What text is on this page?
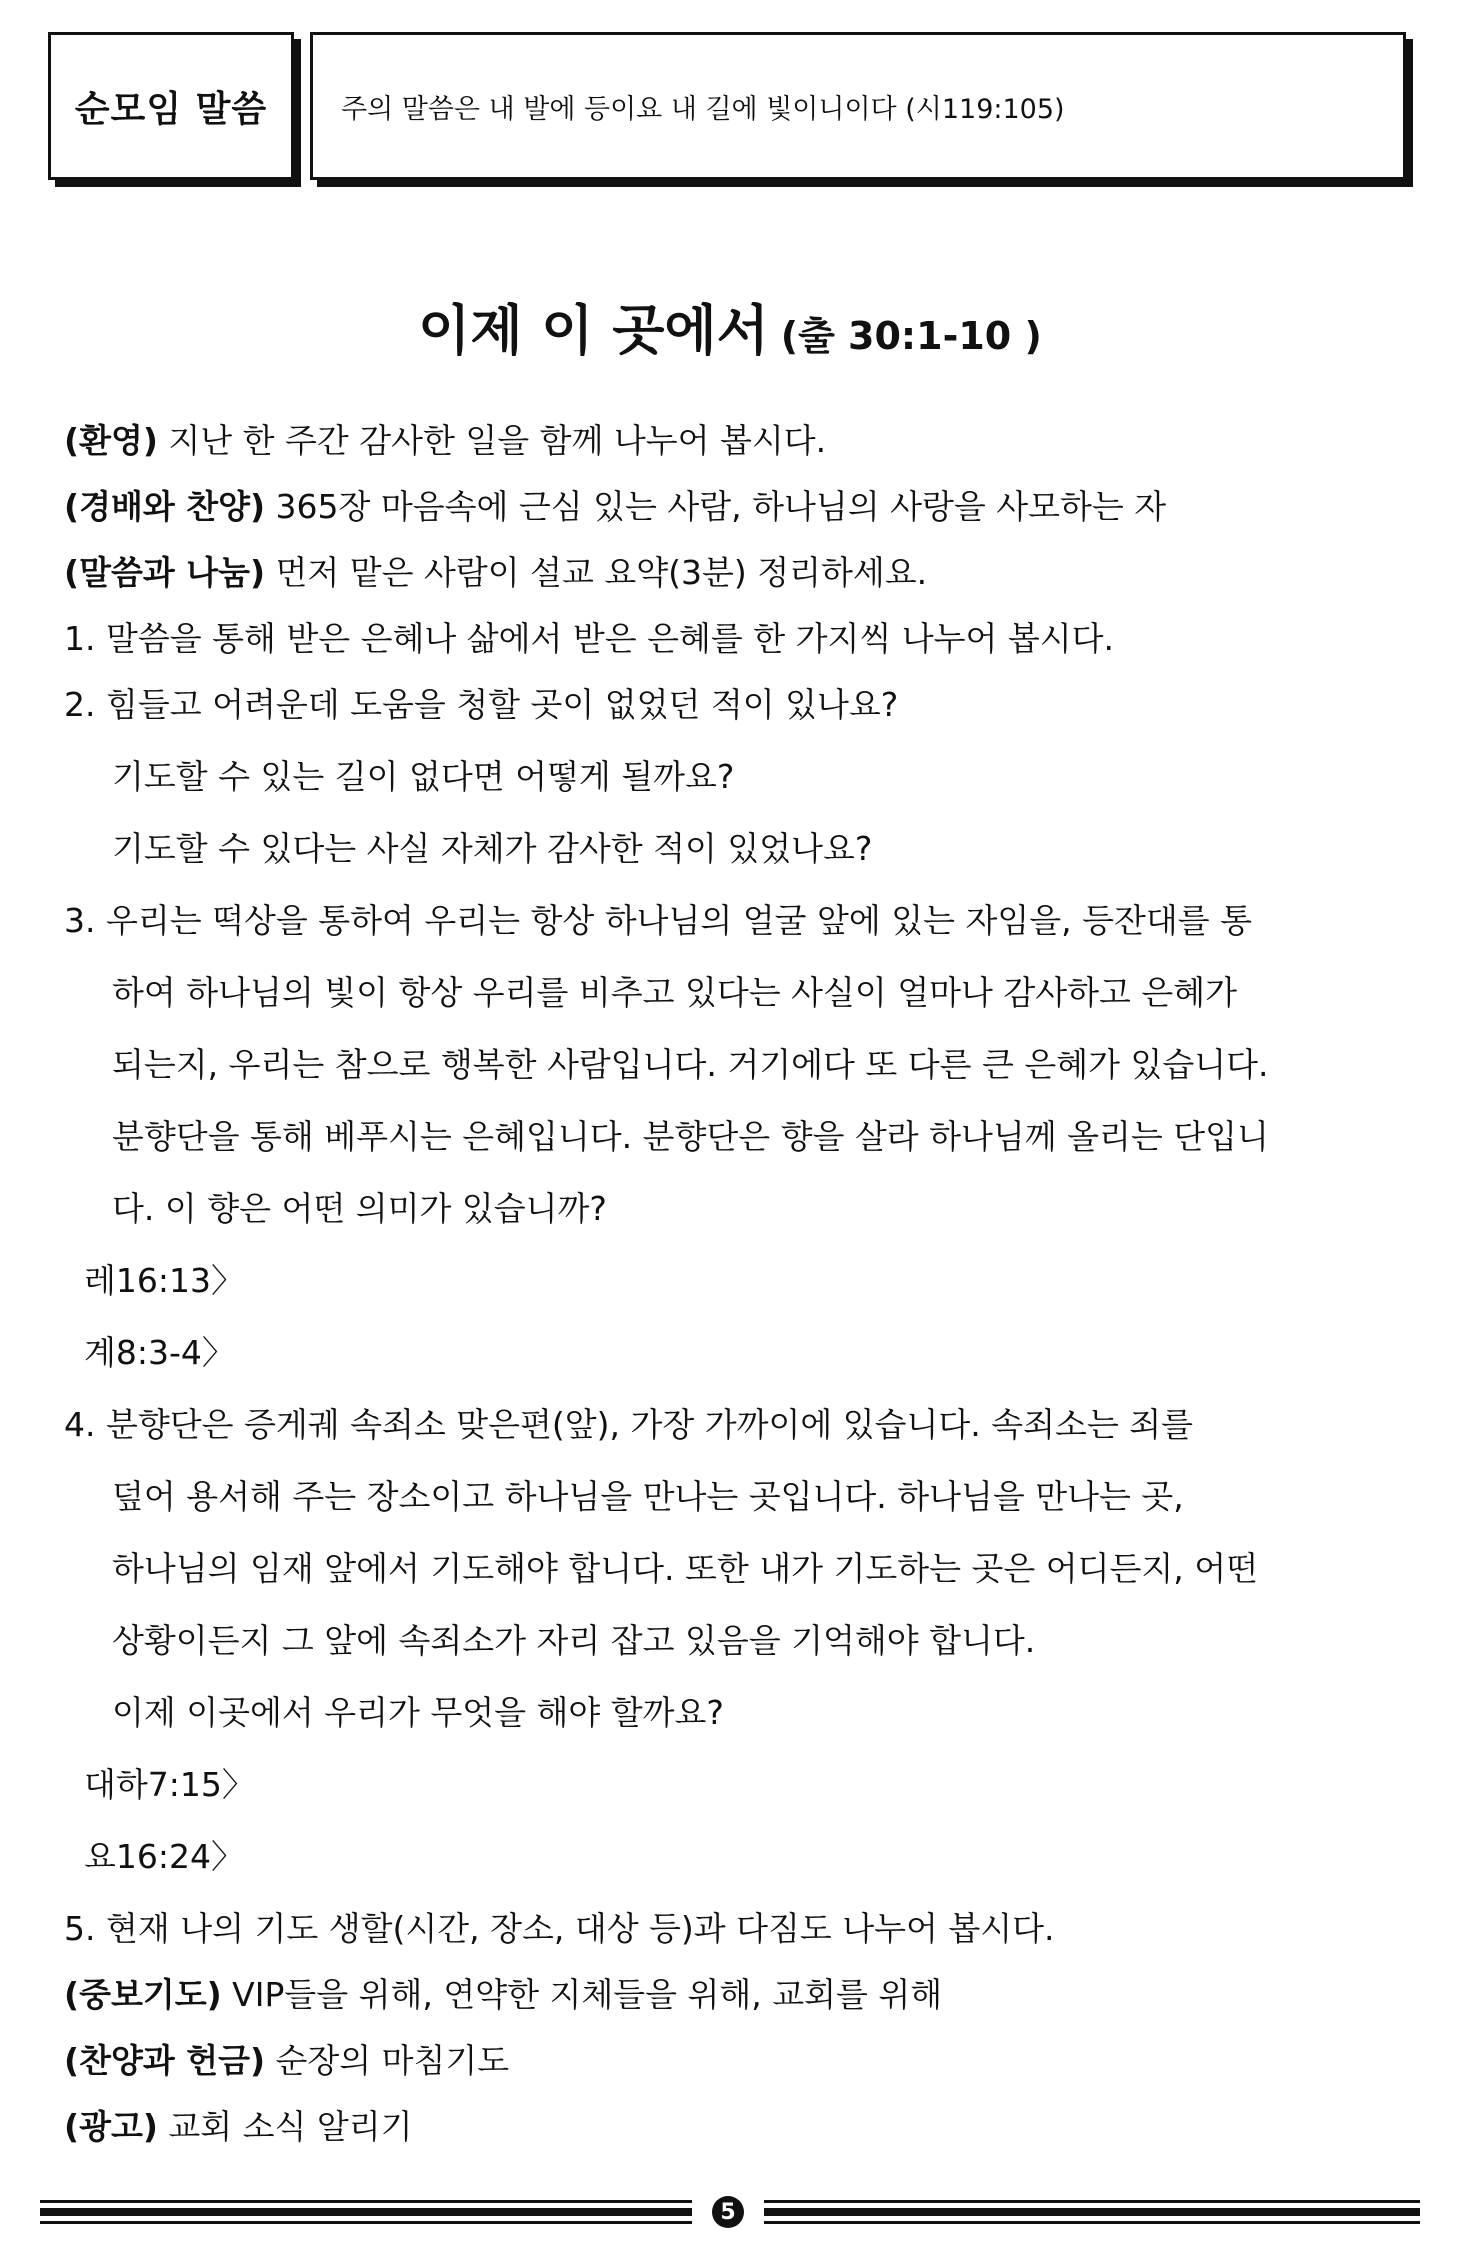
순모임 말씀	주의 말씀은 내 발에 등이요 내 길에 빛이니이다 (시119:105)
이제 이 곳에서 (출 30:1-10 )
(환영) 지난 한 주간 감사한 일을 함께 나누어 봅시다.
(경배와 찬양) 365장 마음속에 근심 있는 사람, 하나님의 사랑을 사모하는 자
(말씀과 나눔) 먼저 맡은 사람이 설교 요약(3분) 정리하세요.
1. 말씀을 통해 받은 은혜나 삶에서 받은 은혜를 한 가지씩 나누어 봅시다.
2. 힘들고 어려운데 도움을 청할 곳이 없었던 적이 있나요?
기도할 수 있는 길이 없다면 어떻게 될까요?
기도할 수 있다는 사실 자체가 감사한 적이 있었나요?
3. 우리는 떡상을 통하여 우리는 항상 하나님의 얼굴 앞에 있는 자임을, 등잔대를 통
하여 하나님의 빛이 항상 우리를 비추고 있다는 사실이 얼마나 감사하고 은혜가
되는지, 우리는 참으로 행복한 사람입니다. 거기에다 또 다른 큰 은혜가 있습니다.
분향단을 통해 베푸시는 은혜입니다. 분향단은 향을 살라 하나님께 올리는 단입니
다. 이 향은 어떤 의미가 있습니까?
레16:13〉
계8:3-4〉
4. 분향단은 증게궤 속죄소 맞은편(앞), 가장 가까이에 있습니다. 속죄소는 죄를
덮어 용서해 주는 장소이고 하나님을 만나는 곳입니다. 하나님을 만나는 곳,
하나님의 임재 앞에서 기도해야 합니다. 또한 내가 기도하는 곳은 어디든지, 어떤
상황이든지 그 앞에 속죄소가 자리 잡고 있음을 기억해야 합니다.
이제 이곳에서 우리가 무엇을 해야 할까요?
대하7:15〉
요16:24〉
5. 현재 나의 기도 생할(시간, 장소, 대상 등)과 다짐도 나누어 봅시다.
(중보기도) VIP들을 위해, 연약한 지체들을 위해, 교회를 위해
(찬양과 헌금) 순장의 마침기도
(광고) 교회 소식 알리기
5
